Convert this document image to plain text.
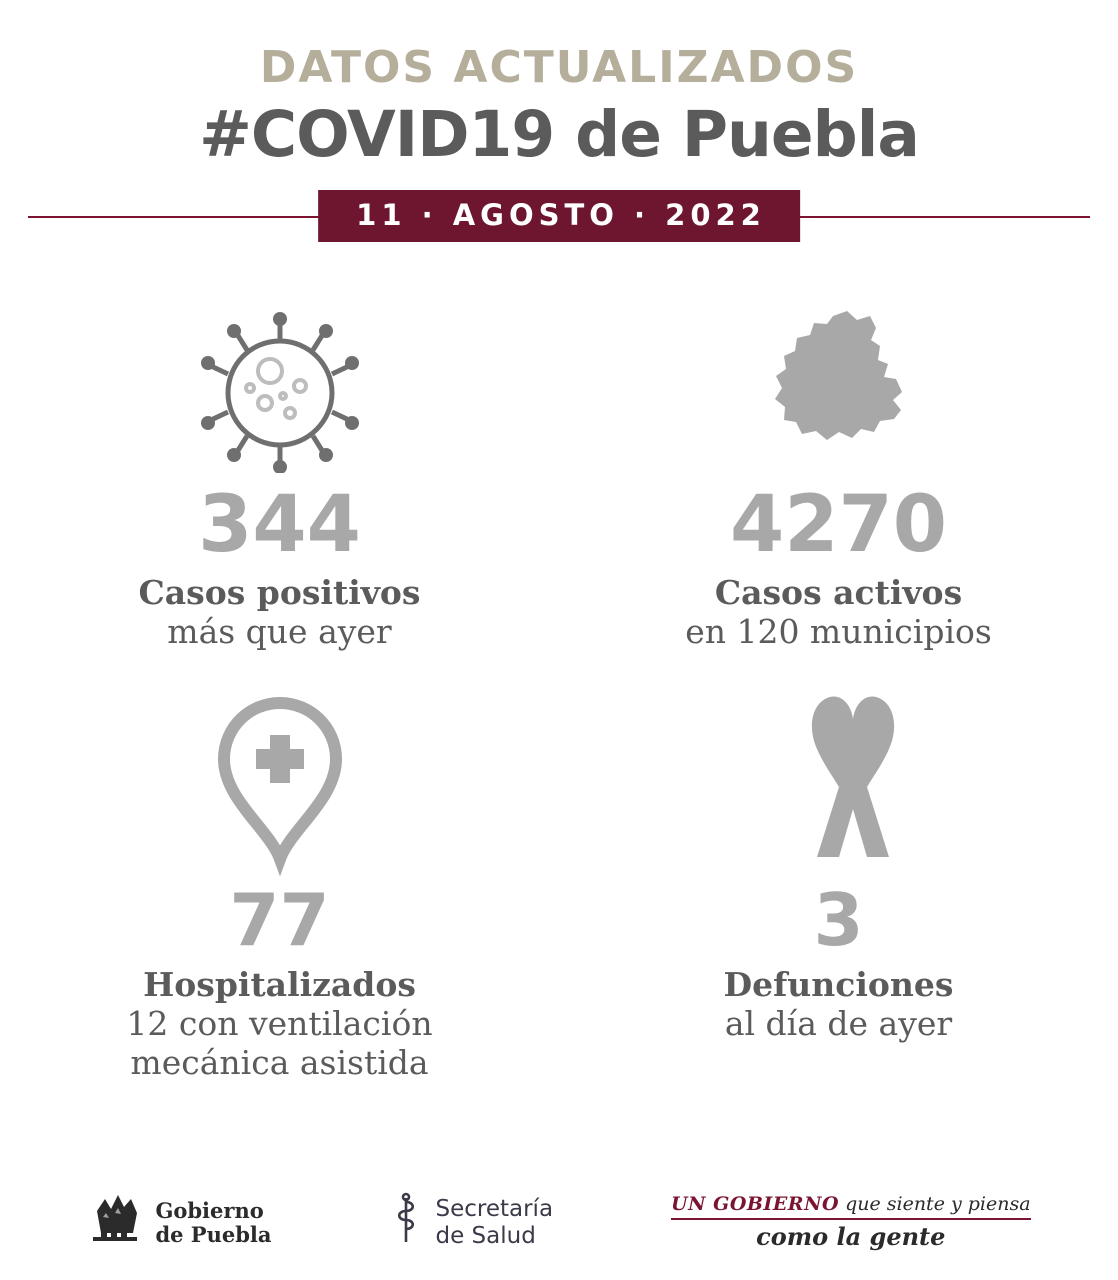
DATOS ACTUALIZADOS

#COVID19 de Puebla
11 · AGOSTO · 2022
344
Casos positivos
más que ayer
4270
Casos activos
en 120 municipios
77
Hospitalizados
12 con ventilación
mecánica asistida
3
Defunciones
al día de ayer
Gobierno
de Puebla
Secretaría
de Salud
UN GOBIERNO que siente y piensa
como la gente
